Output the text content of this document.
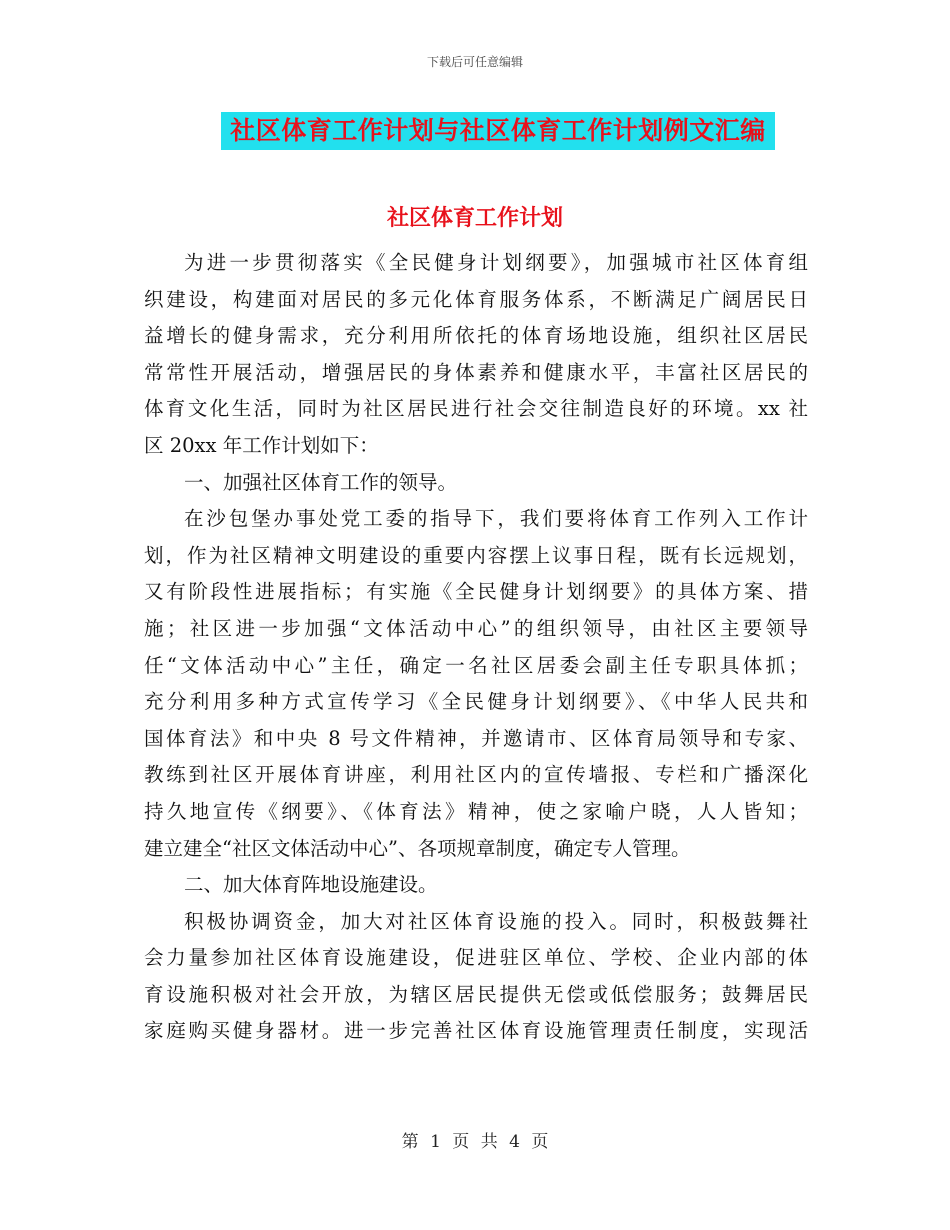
下载后可任意编辑
社区体育工作计划与社区体育工作计划例文汇编
社区体育工作计划
为进一步贯彻落实《全民健身计划纲要》，加强城市社区体育组
织建设，构建面对居民的多元化体育服务体系，不断满足广阔居民日
益增长的健身需求，充分利用所依托的体育场地设施，组织社区居民
常常性开展活动，增强居民的身体素养和健康水平，丰富社区居民的
体育文化生活，同时为社区居民进行社会交往制造良好的环境。xx 社
区 20xx 年工作计划如下：
一、加强社区体育工作的领导。
在沙包堡办事处党工委的指导下，我们要将体育工作列入工作计
划，作为社区精神文明建设的重要内容摆上议事日程，既有长远规划，
又有阶段性进展指标；有实施《全民健身计划纲要》的具体方案、措
施；社区进一步加强“文体活动中心”的组织领导，由社区主要领导
任“文体活动中心”主任，确定一名社区居委会副主任专职具体抓；
充分利用多种方式宣传学习《全民健身计划纲要》、《中华人民共和
国体育法》和中央 8 号文件精神，并邀请市、区体育局领导和专家、
教练到社区开展体育讲座，利用社区内的宣传墙报、专栏和广播深化
持久地宣传《纲要》、《体育法》精神，使之家喻户晓，人人皆知；
建立建全“社区文体活动中心”、各项规章制度，确定专人管理。
二、加大体育阵地设施建设。
积极协调资金，加大对社区体育设施的投入。同时，积极鼓舞社
会力量参加社区体育设施建设，促进驻区单位、学校、企业内部的体
育设施积极对社会开放，为辖区居民提供无偿或低偿服务；鼓舞居民
家庭购买健身器材。进一步完善社区体育设施管理责任制度，实现活
第 1 页 共 4 页
